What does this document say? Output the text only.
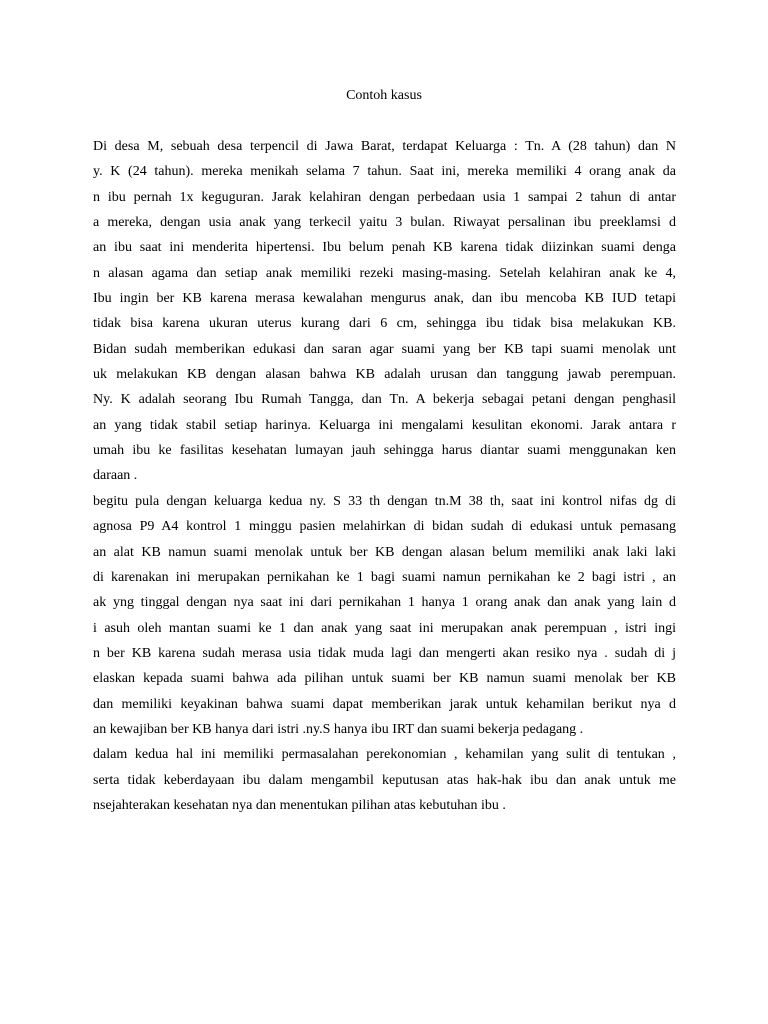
Contoh kasus
Di desa M, sebuah desa terpencil di Jawa Barat, terdapat Keluarga : Tn. A (28 tahun) dan N
y. K (24 tahun). mereka menikah selama 7 tahun. Saat ini, mereka memiliki 4 orang anak da
n ibu pernah 1x keguguran. Jarak kelahiran dengan perbedaan usia 1 sampai 2 tahun di antar
a mereka, dengan usia anak yang terkecil yaitu 3 bulan. Riwayat persalinan ibu preeklamsi d
an ibu saat ini menderita hipertensi. Ibu belum penah KB karena tidak diizinkan suami denga
n alasan agama dan setiap anak memiliki rezeki masing-masing. Setelah kelahiran anak ke 4,
Ibu ingin ber KB karena merasa kewalahan mengurus anak, dan ibu mencoba KB IUD tetapi
tidak bisa karena ukuran uterus kurang dari 6 cm, sehingga ibu tidak bisa melakukan KB.
Bidan sudah memberikan edukasi dan saran agar suami yang ber KB tapi suami menolak unt
uk melakukan KB dengan alasan bahwa KB adalah urusan dan tanggung jawab perempuan.
Ny. K adalah seorang Ibu Rumah Tangga, dan Tn. A bekerja sebagai petani dengan penghasil
an yang tidak stabil setiap harinya. Keluarga ini mengalami kesulitan ekonomi. Jarak antara r
umah ibu ke fasilitas kesehatan lumayan jauh sehingga harus diantar suami menggunakan ken
daraan .
begitu pula dengan keluarga kedua ny. S 33 th dengan tn.M 38 th, saat ini kontrol nifas dg di
agnosa P9 A4 kontrol 1 minggu pasien melahirkan di bidan sudah di edukasi untuk pemasang
an alat KB namun suami menolak untuk ber KB dengan alasan belum memiliki anak laki laki
di karenakan ini merupakan pernikahan ke 1 bagi suami namun pernikahan ke 2 bagi istri , an
ak yng tinggal dengan nya saat ini dari pernikahan 1 hanya 1 orang anak dan anak yang lain d
i asuh oleh mantan suami ke 1 dan anak yang saat ini merupakan anak perempuan , istri ingi
n ber KB karena sudah merasa usia tidak muda lagi dan mengerti akan resiko nya . sudah di j
elaskan kepada suami bahwa ada pilihan untuk suami ber KB namun suami menolak ber KB
dan memiliki keyakinan bahwa suami dapat memberikan jarak untuk kehamilan berikut nya d
an kewajiban ber KB hanya dari istri .ny.S hanya ibu IRT dan suami bekerja pedagang .
dalam kedua hal ini memiliki permasalahan perekonomian , kehamilan yang sulit di tentukan ,
serta tidak keberdayaan ibu dalam mengambil keputusan atas hak-hak ibu dan anak untuk me
nsejahterakan kesehatan nya dan menentukan pilihan atas kebutuhan ibu .
